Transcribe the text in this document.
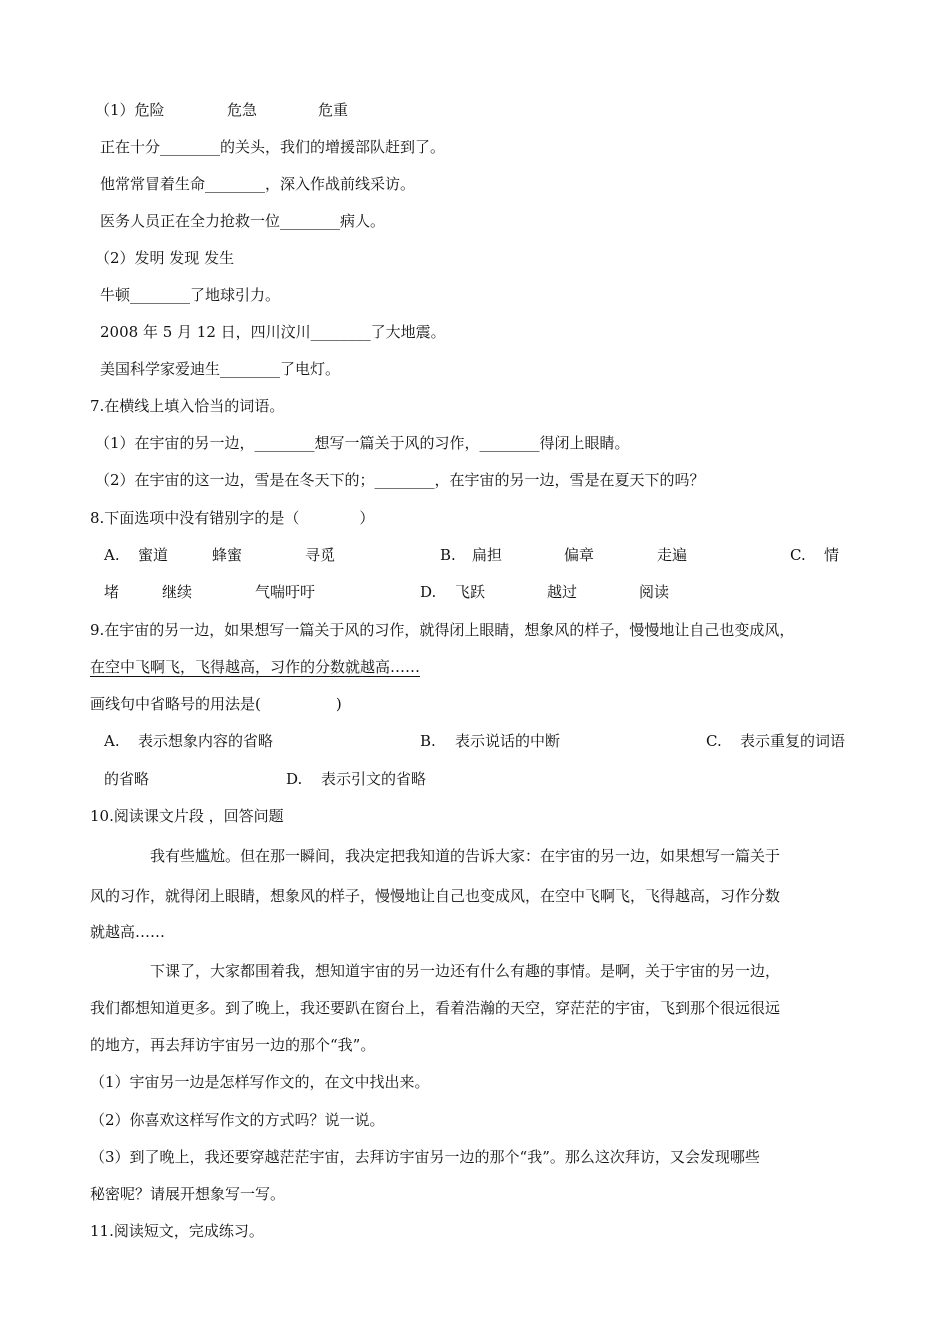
（1）危险	危急	危重
正在十分________的关头，我们的增援部队赶到了。
他常常冒着生命________，深入作战前线采访。
医务人员正在全力抢救一位________病人。
（2）发明 发现 发生
牛顿________了地球引力。
2008 年 5 月 12 日，四川汶川________了大地震。
美国科学家爱迪生________了电灯。
7.在横线上填入恰当的词语。
（1）在宇宙的另一边，________想写一篇关于风的习作，________得闭上眼睛。
（2）在宇宙的这一边，雪是在冬天下的；________，在宇宙的另一边，雪是在夏天下的吗？
8.下面选项中没有错别字的是（　　　　）
A. 蜜道	蜂蜜	寻觅	B. 扁担	偏章	走遍	C. 情
堵	继续	气喘吁吁	D. 飞跃	越过	阅读
9.在宇宙的另一边，如果想写一篇关于风的习作，就得闭上眼睛，想象风的样子，慢慢地让自己也变成风，
在空中飞啊飞，飞得越高，习作的分数就越高……
画线句中省略号的用法是(　　　　　)
A. 表示想象内容的省略	B. 表示说话的中断	C. 表示重复的词语
的省略	D. 表示引文的省略
10.阅读课文片段 ，回答问题
我有些尴尬。但在那一瞬间，我决定把我知道的告诉大家：在宇宙的另一边，如果想写一篇关于
风的习作，就得闭上眼睛，想象风的样子，慢慢地让自己也变成风，在空中飞啊飞，飞得越高，习作分数
就越高……
下课了，大家都围着我，想知道宇宙的另一边还有什么有趣的事情。是啊，关于宇宙的另一边，
我们都想知道更多。到了晚上，我还要趴在窗台上，看着浩瀚的天空，穿茫茫的宇宙，飞到那个很远很远
的地方，再去拜访宇宙另一边的那个“我”。
（1）宇宙另一边是怎样写作文的，在文中找出来。
（2）你喜欢这样写作文的方式吗？说一说。
（3）到了晚上，我还要穿越茫茫宇宙，去拜访宇宙另一边的那个“我”。那么这次拜访，又会发现哪些
秘密呢？请展开想象写一写。
11.阅读短文，完成练习。
